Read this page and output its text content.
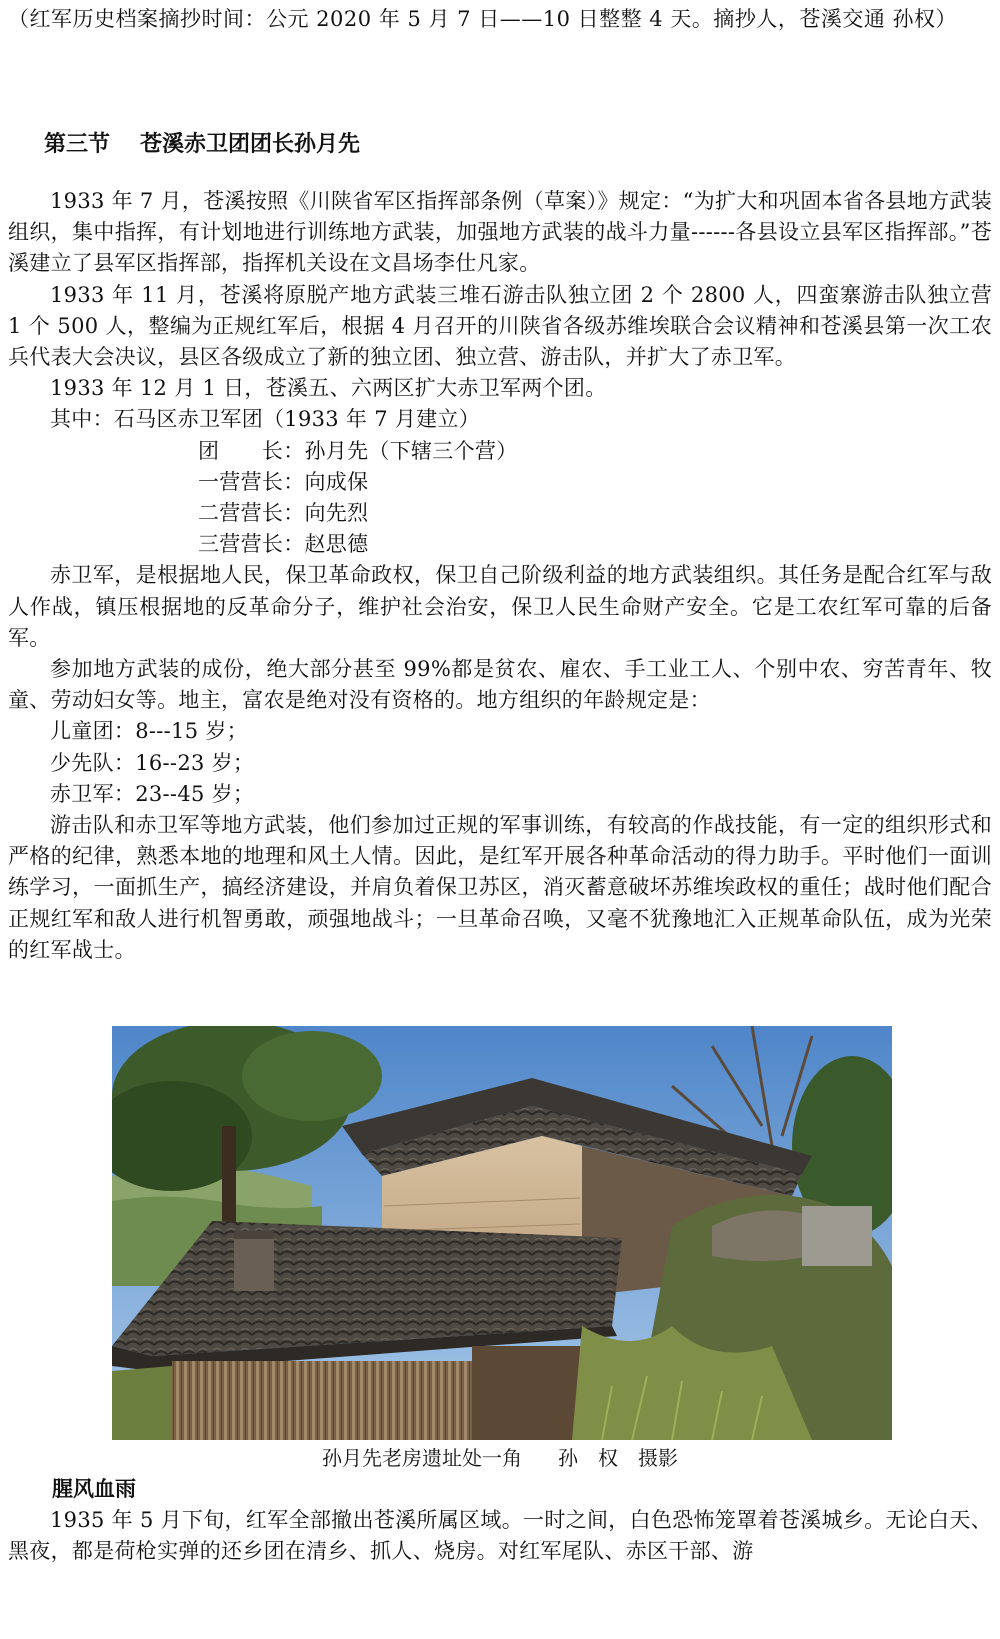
（红军历史档案摘抄时间：公元 2020 年 5 月 7 日——10 日整整 4 天。摘抄人，苍溪交通 孙权）
第三节 苍溪赤卫团团长孙月先

1933 年 7 月，苍溪按照《川陕省军区指挥部条例（草案）》规定：“为扩大和巩固本省各县地方武装组织，集中指挥，有计划地进行训练地方武装，加强地方武装的战斗力量------各县设立县军区指挥部。”苍溪建立了县军区指挥部，指挥机关设在文昌场李仕凡家。

1933 年 11 月，苍溪将原脱产地方武装三堆石游击队独立团 2 个 2800 人，四蛮寨游击队独立营 1 个 500 人，整编为正规红军后，根据 4 月召开的川陕省各级苏维埃联合会议精神和苍溪县第一次工农兵代表大会决议，县区各级成立了新的独立团、独立营、游击队，并扩大了赤卫军。

1933 年 12 月 1 日，苍溪五、六两区扩大赤卫军两个团。

其中：石马区赤卫军团（1933 年 7 月建立）
团　　长：孙月先（下辖三个营）
一营营长：向成保
二营营长：向先烈
三营营长：赵思德

赤卫军，是根据地人民，保卫革命政权，保卫自己阶级利益的地方武装组织。其任务是配合红军与敌人作战，镇压根据地的反革命分子，维护社会治安，保卫人民生命财产安全。它是工农红军可靠的后备军。

参加地方武装的成份，绝大部分甚至 99%都是贫农、雇农、手工业工人、个别中农、穷苦青年、牧童、劳动妇女等。地主，富农是绝对没有资格的。地方组织的年龄规定是：

儿童团：8---15 岁；
少先队：16--23 岁；
赤卫军：23--45 岁；

游击队和赤卫军等地方武装，他们参加过正规的军事训练，有较高的作战技能，有一定的组织形式和严格的纪律，熟悉本地的地理和风土人情。因此，是红军开展各种革命活动的得力助手。平时他们一面训练学习，一面抓生产，搞经济建设，并肩负着保卫苏区，消灭蓄意破坏苏维埃政权的重任；战时他们配合正规红军和敌人进行机智勇敢，顽强地战斗；一旦革命召唤，又毫不犹豫地汇入正规革命队伍，成为光荣的红军战士。

孙月先老房遗址处一角 孙　权　摄影
腥风血雨

1935 年 5 月下旬，红军全部撤出苍溪所属区域。一时之间，白色恐怖笼罩着苍溪城乡。无论白天、黑夜，都是荷枪实弹的还乡团在清乡、抓人、烧房。对红军尾队、赤区干部、游
